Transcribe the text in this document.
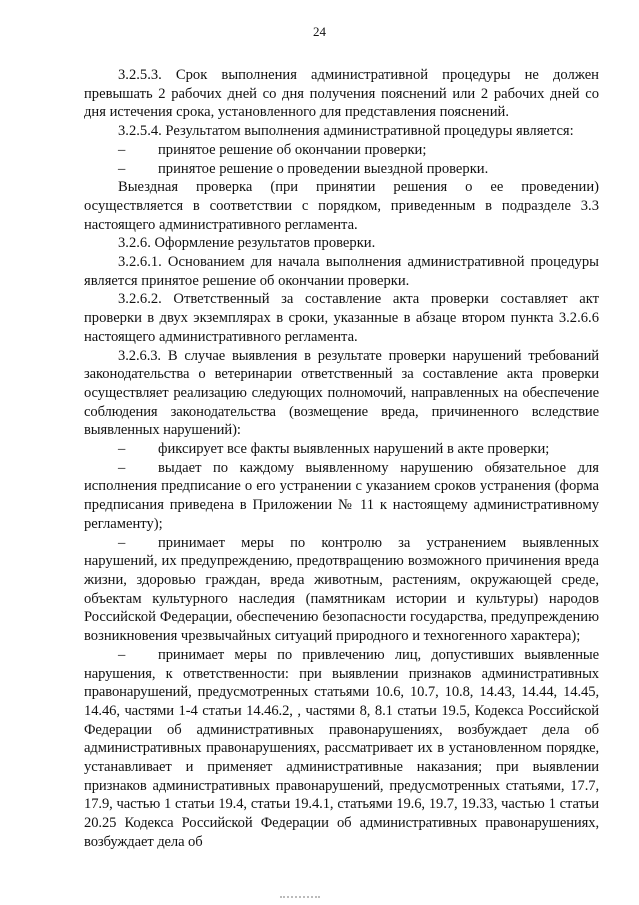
24

3.2.5.3. Срок выполнения административной процедуры не должен превышать 2 рабочих дней со дня получения пояснений или 2 рабочих дней со дня истечения срока, установленного для представления пояснений.

3.2.5.4. Результатом выполнения административной процедуры является:

– принятое решение об окончании проверки;

– принятое решение о проведении выездной проверки.

Выездная проверка (при принятии решения о ее проведении) осуществляется в соответствии с порядком, приведенным в подразделе 3.3 настоящего административного регламента.

3.2.6. Оформление результатов проверки.

3.2.6.1. Основанием для начала выполнения административной процедуры является принятое решение об окончании проверки.

3.2.6.2. Ответственный за составление акта проверки составляет акт проверки в двух экземплярах в сроки, указанные в абзаце втором пункта 3.2.6.6 настоящего административного регламента.

3.2.6.3. В случае выявления в результате проверки нарушений требований законодательства о ветеринарии ответственный за составление акта проверки осуществляет реализацию следующих полномочий, направленных на обеспечение соблюдения законодательства (возмещение вреда, причиненного вследствие выявленных нарушений):

– фиксирует все факты выявленных нарушений в акте проверки;

– выдает по каждому выявленному нарушению обязательное для исполнения предписание о его устранении с указанием сроков устранения (форма предписания приведена в Приложении № 11 к настоящему административному регламенту);

– принимает меры по контролю за устранением выявленных нарушений, их предупреждению, предотвращению возможного причинения вреда жизни, здоровью граждан, вреда животным, растениям, окружающей среде, объектам культурного наследия (памятникам истории и культуры) народов Российской Федерации, обеспечению безопасности государства, предупреждению возникновения чрезвычайных ситуаций природного и техногенного характера);

– принимает меры по привлечению лиц, допустивших выявленные нарушения, к ответственности: при выявлении признаков административных правонарушений, предусмотренных статьями 10.6, 10.7, 10.8, 14.43, 14.44, 14.45, 14.46, частями 1-4 статьи 14.46.2, , частями 8, 8.1 статьи 19.5, Кодекса Российской Федерации об административных правонарушениях, возбуждает дела об административных правонарушениях, рассматривает их в установленном порядке, устанавливает и применяет административные наказания; при выявлении признаков административных правонарушений, предусмотренных статьями, 17.7, 17.9, частью 1 статьи 19.4, статьи 19.4.1, статьями 19.6, 19.7, 19.33, частью 1 статьи 20.25 Кодекса Российской Федерации об административных правонарушениях, возбуждает дела об
